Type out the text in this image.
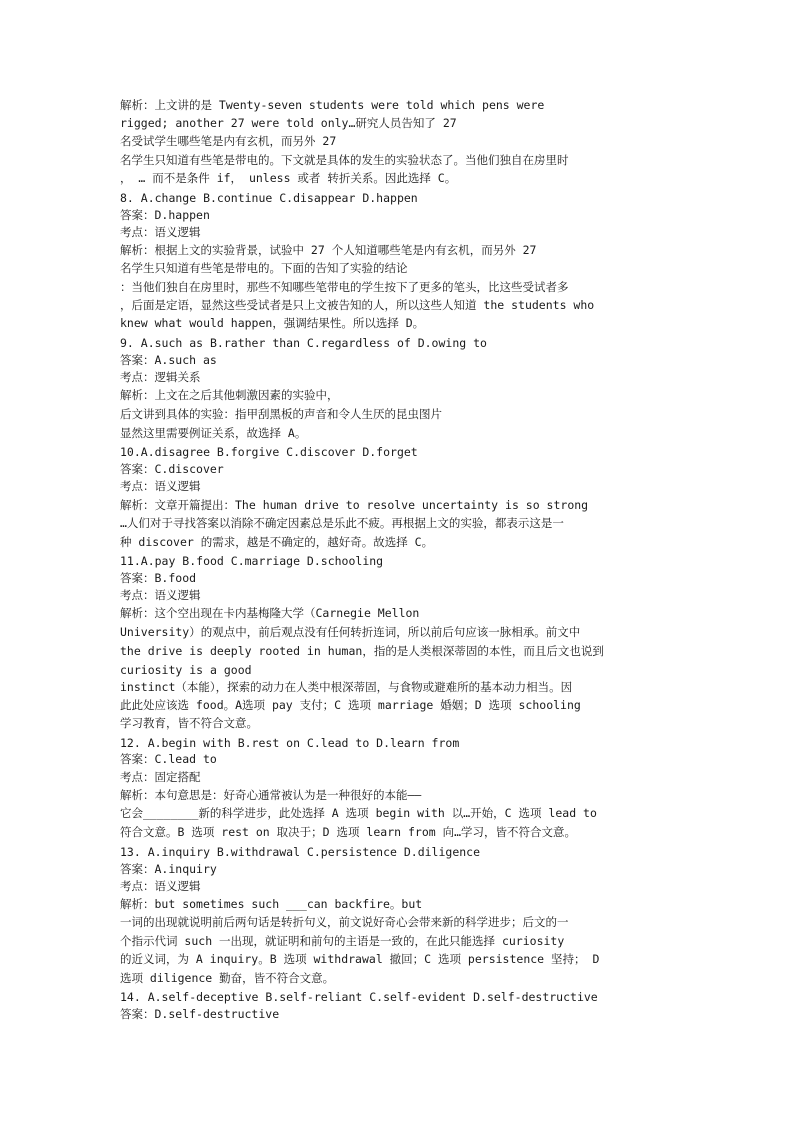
解析：上文讲的是 Twenty-seven students were told which pens were
rigged; another 27 were told only…研究人员告知了 27
名受试学生哪些笔是内有玄机，而另外 27
名学生只知道有些笔是带电的。下文就是具体的发生的实验状态了。当他们独自在房里时
， … 而不是条件 if， unless 或者 转折关系。因此选择 C。
8. A.change B.continue C.disappear D.happen
答案：D.happen
考点：语义逻辑
解析：根据上文的实验背景，试验中 27 个人知道哪些笔是内有玄机，而另外 27
名学生只知道有些笔是带电的。下面的告知了实验的结论
：当他们独自在房里时，那些不知哪些笔带电的学生按下了更多的笔头，比这些受试者多
，后面是定语，显然这些受试者是只上文被告知的人，所以这些人知道 the students who
knew what would happen，强调结果性。所以选择 D。
9. A.such as B.rather than C.regardless of D.owing to
答案：A.such as
考点：逻辑关系
解析：上文在之后其他刺激因素的实验中，
后文讲到具体的实验：指甲刮黑板的声音和令人生厌的昆虫图片
显然这里需要例证关系，故选择 A。
10.A.disagree B.forgive C.discover D.forget
答案：C.discover
考点：语义逻辑
解析：文章开篇提出：The human drive to resolve uncertainty is so strong
…人们对于寻找答案以消除不确定因素总是乐此不疲。再根据上文的实验，都表示这是一
种 discover 的需求，越是不确定的，越好奇。故选择 C。
11.A.pay B.food C.marriage D.schooling
答案：B.food
考点：语义逻辑
解析：这个空出现在卡内基梅隆大学（Carnegie Mellon
University）的观点中，前后观点没有任何转折连词，所以前后句应该一脉相承。前文中
the drive is deeply rooted in human，指的是人类根深蒂固的本性，而且后文也说到
curiosity is a good
instinct（本能），探索的动力在人类中根深蒂固，与食物或避难所的基本动力相当。因
此此处应该选 food。A选项 pay 支付；C 选项 marriage 婚姻；D 选项 schooling
学习教育，皆不符合文意。
12. A.begin with B.rest on C.lead to D.learn from
答案：C.lead to
考点：固定搭配
解析：本句意思是：好奇心通常被认为是一种很好的本能——
它会________新的科学进步，此处选择 A 选项 begin with 以…开始，C 选项 lead to
符合文意。B 选项 rest on 取决于；D 选项 learn from 向…学习，皆不符合文意。
13. A.inquiry B.withdrawal C.persistence D.diligence
答案：A.inquiry
考点：语义逻辑
解析：but sometimes such ___can backfire。but
一词的出现就说明前后两句话是转折句义，前文说好奇心会带来新的科学进步；后文的一
个指示代词 such 一出现，就证明和前句的主语是一致的，在此只能选择 curiosity
的近义词，为 A inquiry。B 选项 withdrawal 撤回；C 选项 persistence 坚持； D
选项 diligence 勤奋，皆不符合文意。
14. A.self-deceptive B.self-reliant C.self-evident D.self-destructive
答案：D.self-destructive
